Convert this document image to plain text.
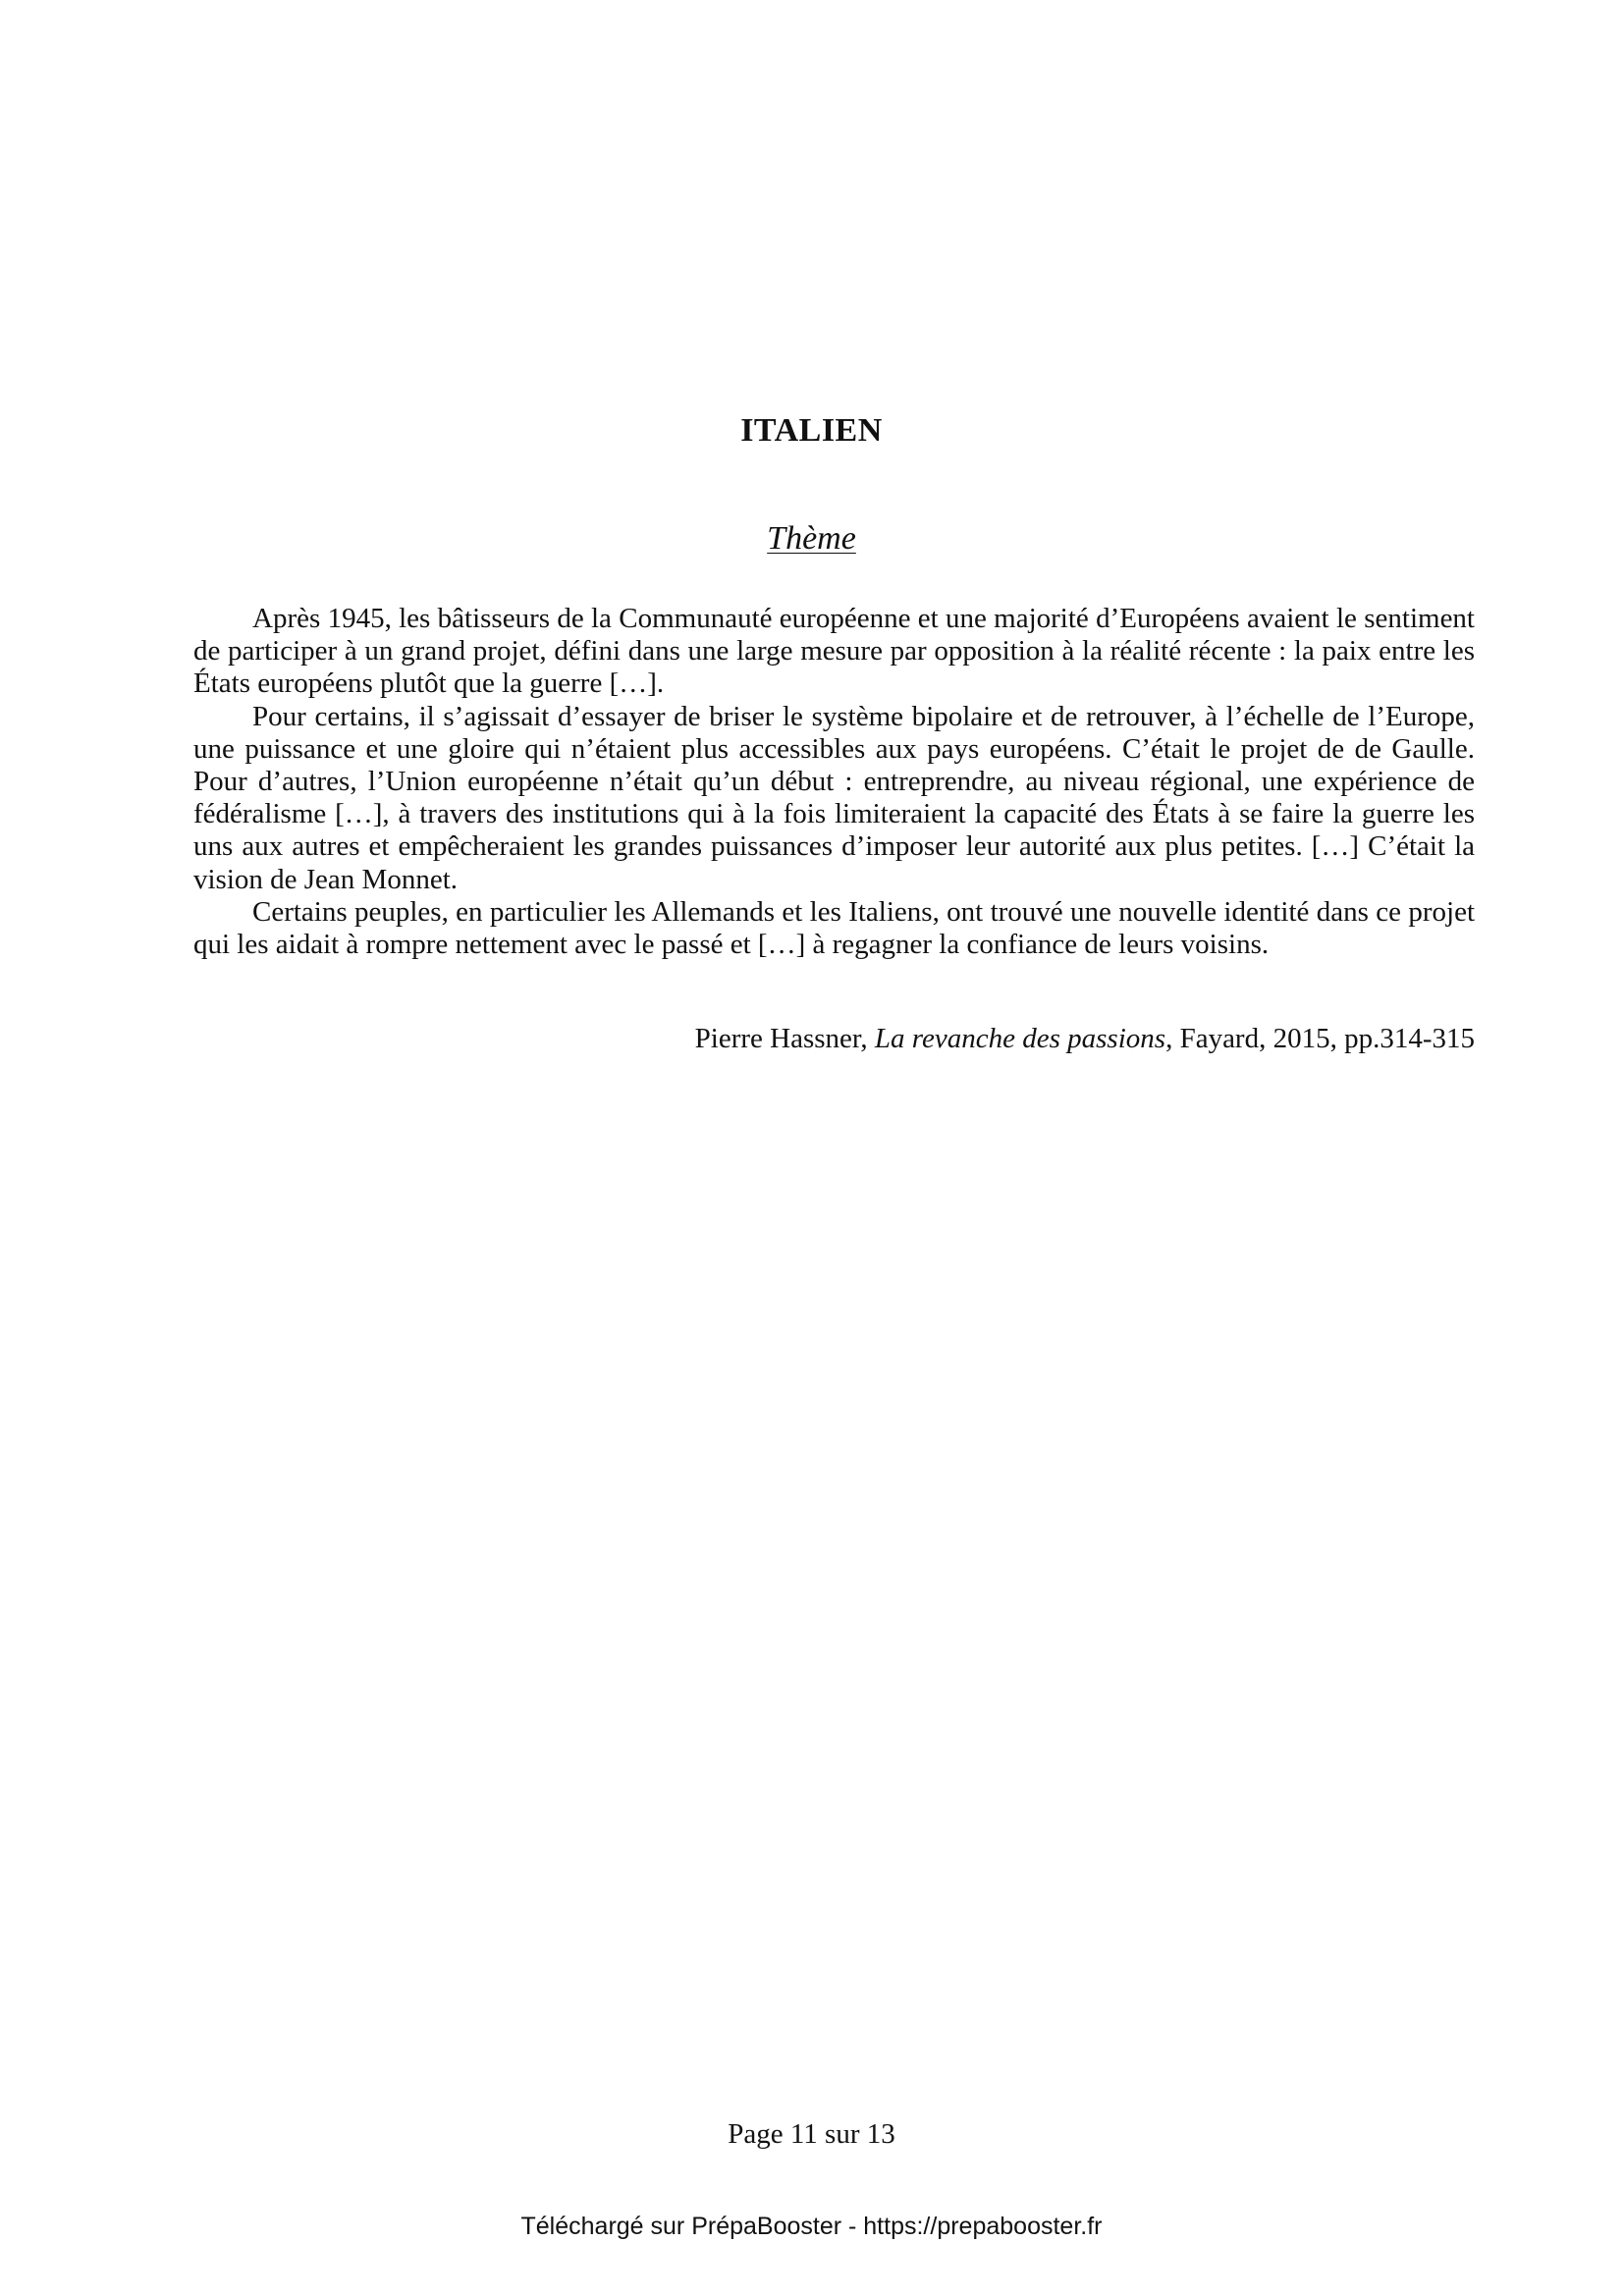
ITALIEN
Thème

Après 1945, les bâtisseurs de la Communauté européenne et une majorité d’Européens avaient le sentiment de participer à un grand projet, défini dans une large mesure par opposition à la réalité récente : la paix entre les États européens plutôt que la guerre […].

Pour certains, il s’agissait d’essayer de briser le système bipolaire et de retrouver, à l’échelle de l’Europe, une puissance et une gloire qui n’étaient plus accessibles aux pays européens. C’était le projet de de Gaulle. Pour d’autres, l’Union européenne n’était qu’un début : entreprendre, au niveau régional, une expérience de fédéralisme […], à travers des institutions qui à la fois limiteraient la capacité des États à se faire la guerre les uns aux autres et empêcheraient les grandes puissances d’imposer leur autorité aux plus petites. […] C’était la vision de Jean Monnet.

Certains peuples, en particulier les Allemands et les Italiens, ont trouvé une nouvelle identité dans ce projet qui les aidait à rompre nettement avec le passé et […] à regagner la confiance de leurs voisins.

Pierre Hassner, La revanche des passions, Fayard, 2015, pp.314-315
Page 11 sur 13
Téléchargé sur PrépaBooster - https://prepabooster.fr
